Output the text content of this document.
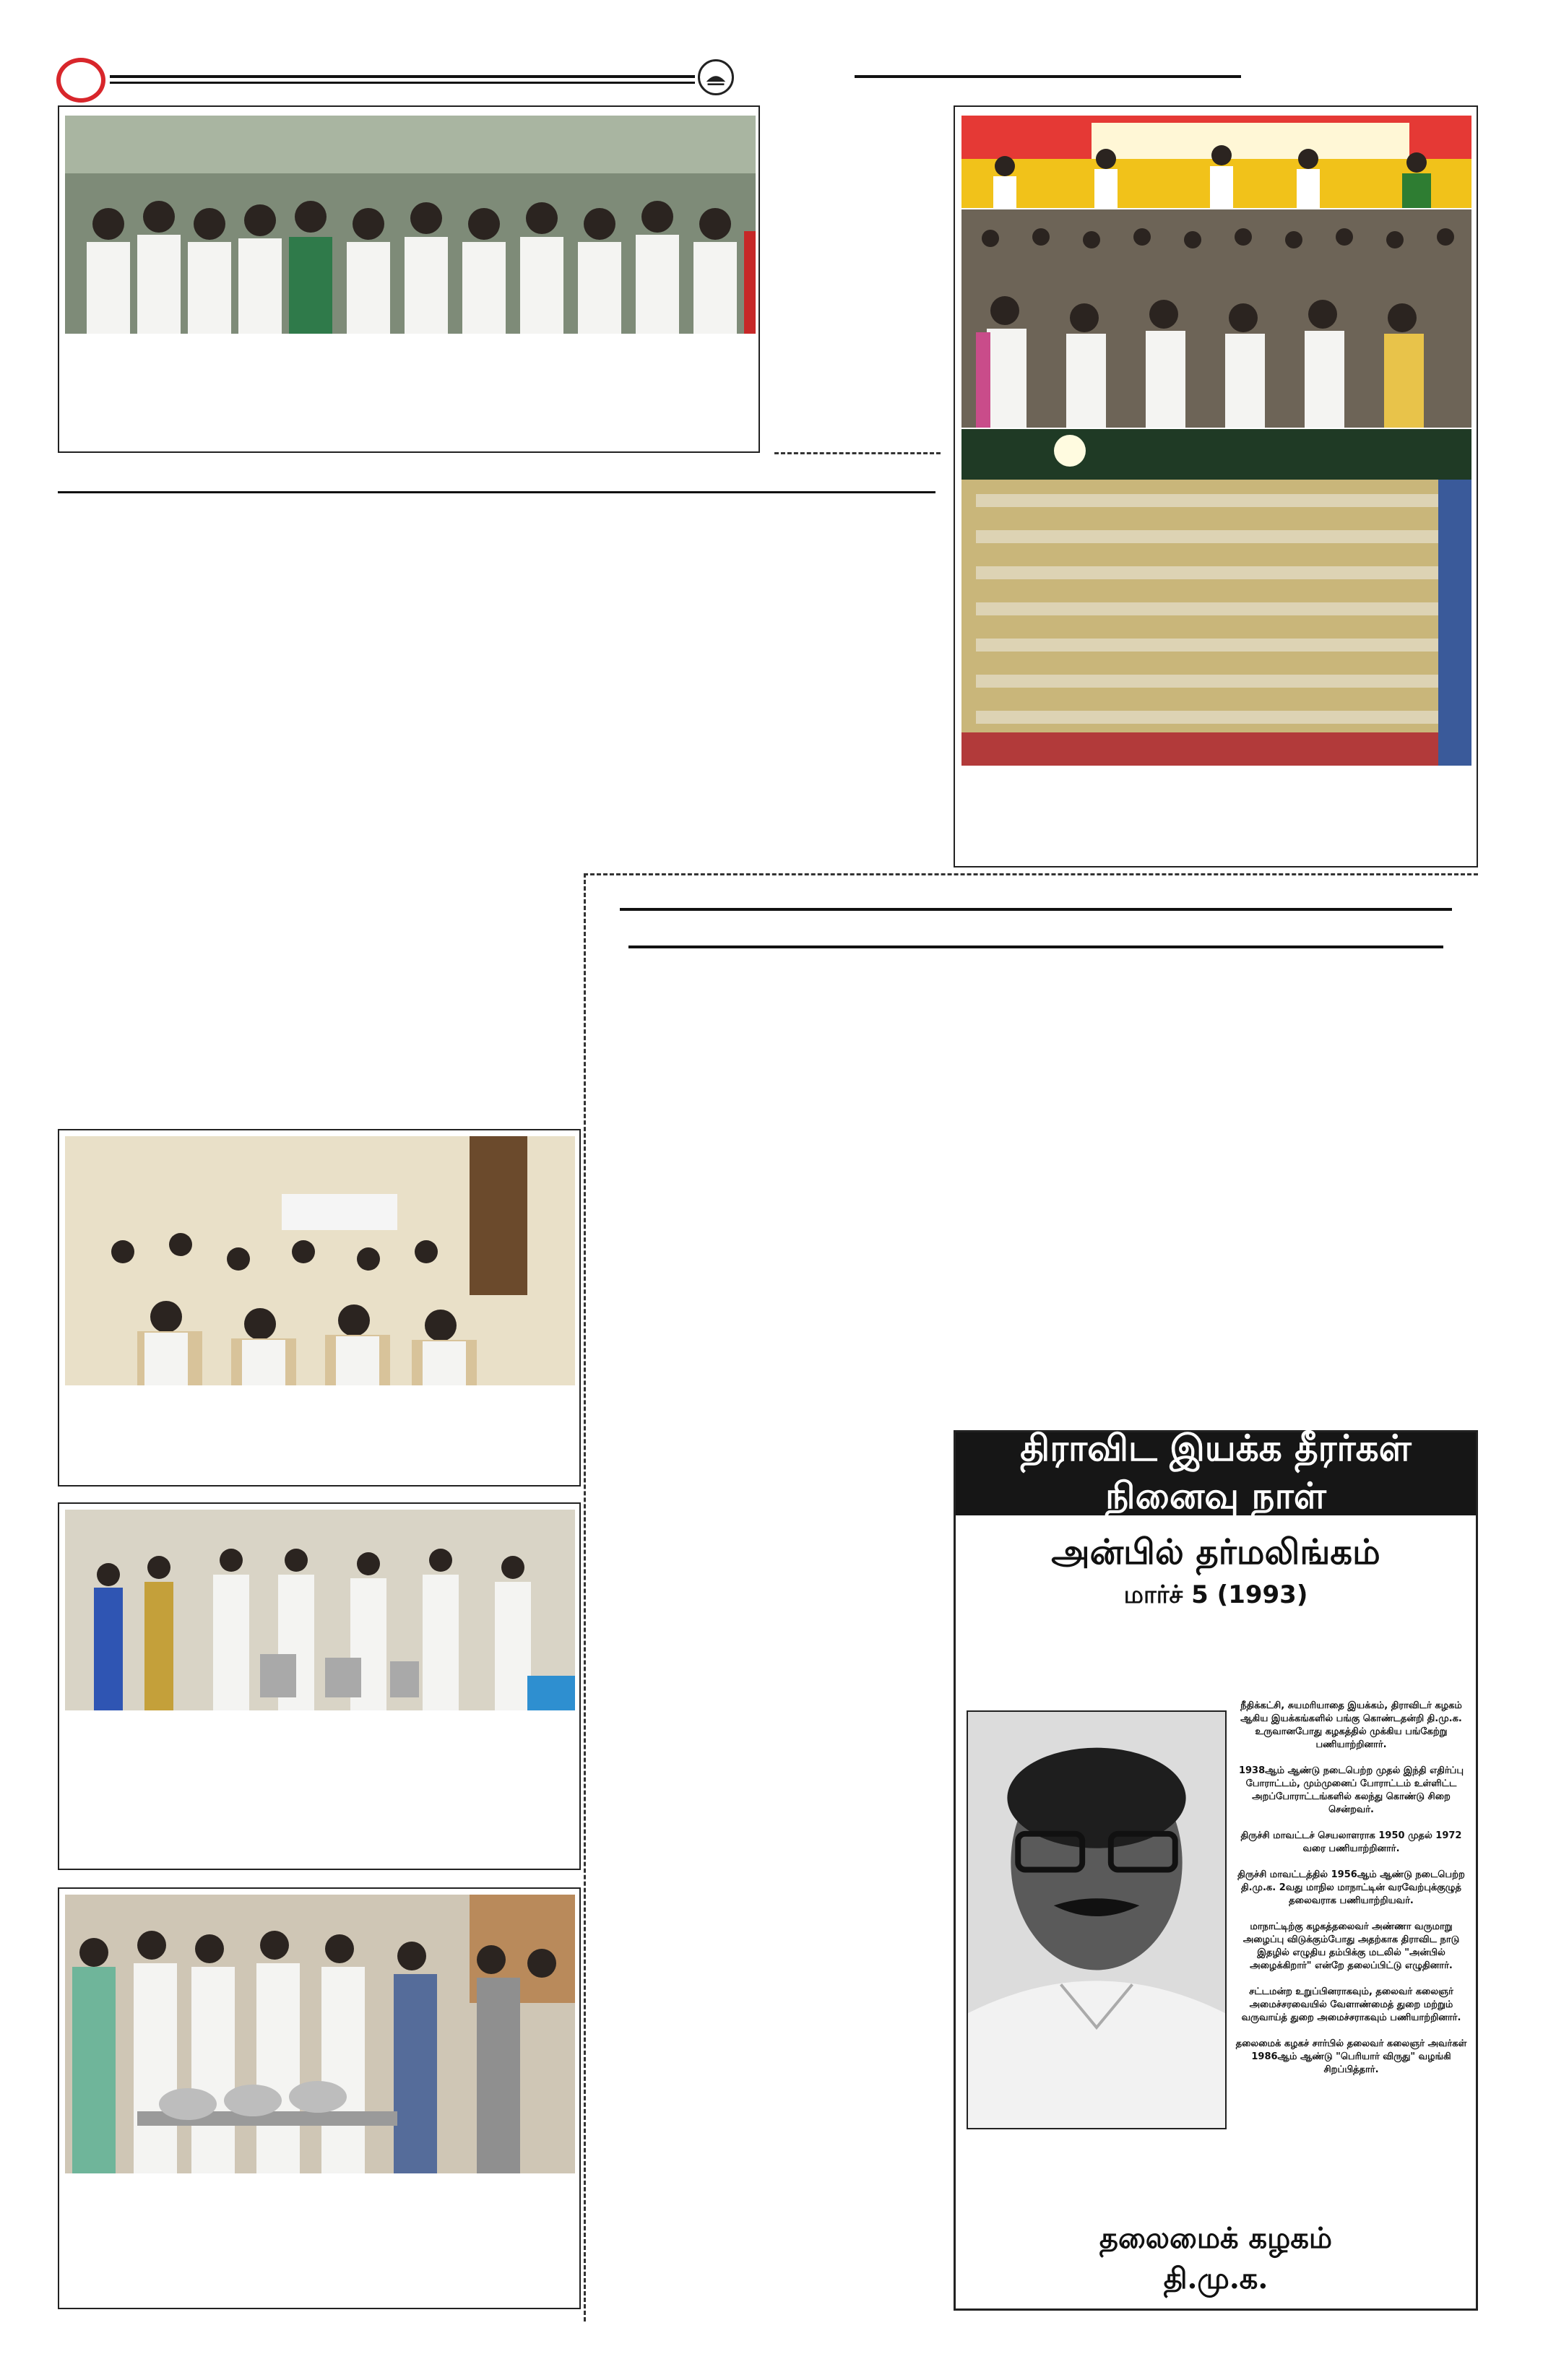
திராவிட இயக்க தீரர்கள் நினைவு நாள்
அன்பில் தர்மலிங்கம்
மார்ச் 5 (1993)

நீதிக்கட்சி, சுயமரியாதை இயக்கம், திராவிடர் கழகம் ஆகிய இயக்கங்களில் பங்கு கொண்டதன்றி தி.மு.க. உருவானபோது கழகத்தில் முக்கிய பங்கேற்று பணியாற்றினார்.

1938ஆம் ஆண்டு நடைபெற்ற முதல் இந்தி எதிர்ப்பு போராட்டம், மும்முனைப் போராட்டம் உள்ளிட்ட அறப்போராட்டங்களில் கலந்து கொண்டு சிறை சென்றவர்.

திருச்சி மாவட்டச் செயலாளராக 1950 முதல் 1972 வரை பணியாற்றினார்.

திருச்சி மாவட்டத்தில் 1956ஆம் ஆண்டு நடைபெற்ற தி.மு.க. 2வது மாநில மாநாட்டின் வரவேற்புக்குழுத் தலைவராக பணியாற்றியவர்.

மாநாட்டிற்கு கழகத்தலைவர் அண்ணா வருமாறு அழைப்பு விடுக்கும்போது அதற்காக திராவிட நாடு இதழில் எழுதிய தம்பிக்கு மடலில் "அன்பில் அழைக்கிறார்" என்றே தலைப்பிட்டு எழுதினார்.

சட்டமன்ற உறுப்பினராகவும், தலைவர் கலைஞர் அமைச்சரவையில் வேளாண்மைத் துறை மற்றும் வருவாய்த் துறை அமைச்சராகவும் பணியாற்றினார்.

தலைமைக் கழகச் சார்பில் தலைவர் கலைஞர் அவர்கள் 1986ஆம் ஆண்டு "பெரியார் விருது" வழங்கி சிறப்பித்தார்.

தலைமைக் கழகம்
தி.மு.க.
